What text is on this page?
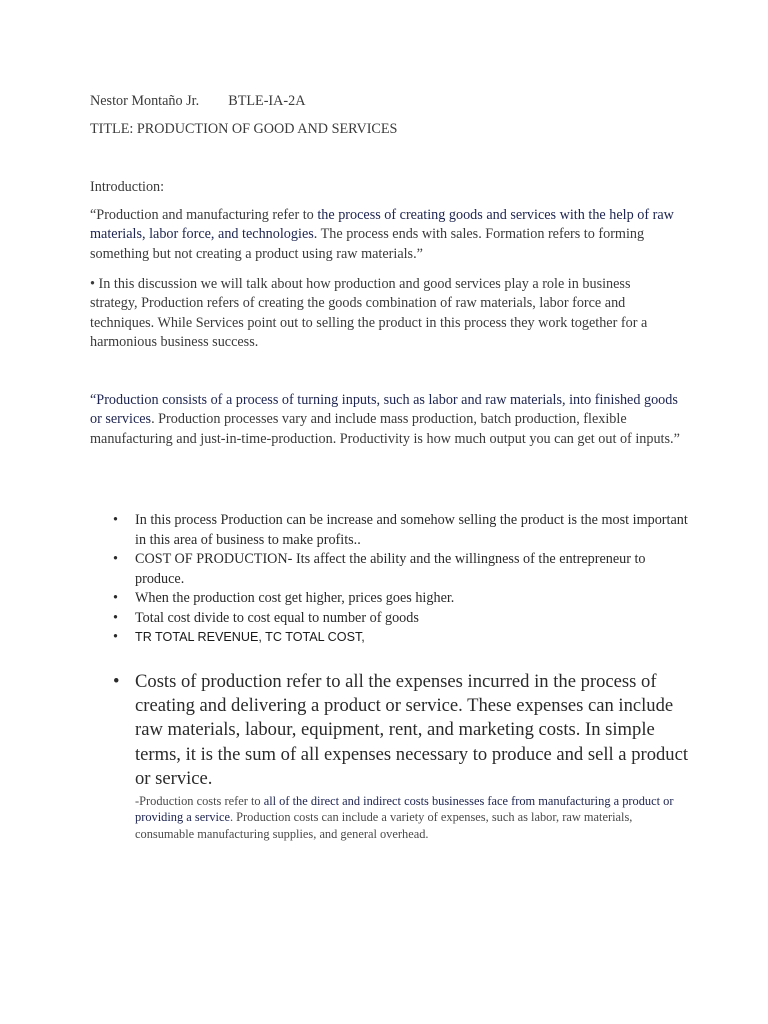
Nestor Montaño Jr. BTLE-IA-2A
TITLE: PRODUCTION OF GOOD AND SERVICES
Introduction:

“Production and manufacturing refer to the process of creating goods and services with the help of raw materials, labor force, and technologies. The process ends with sales. Formation refers to forming something but not creating a product using raw materials.”

• In this discussion we will talk about how production and good services play a role in business strategy, Production refers of creating the goods combination of raw materials, labor force and techniques. While Services point out to selling the product in this process they work together for a harmonious business success.

“Production consists of a process of turning inputs, such as labor and raw materials, into finished goods or services. Production processes vary and include mass production, batch production, flexible manufacturing and just-in-time-production. Productivity is how much output you can get out of inputs.”

• In this process Production can be increase and somehow selling the product is the most important in this area of business to make profits..
• COST OF PRODUCTION- Its affect the ability and the willingness of the entrepreneur to produce.
• When the production cost get higher, prices goes higher.
• Total cost divide to cost equal to number of goods
• TR TOTAL REVENUE, TC TOTAL COST,
• Costs of production refer to all the expenses incurred in the process of creating and delivering a product or service. These expenses can include raw materials, labour, equipment, rent, and marketing costs. In simple terms, it is the sum of all expenses necessary to produce and sell a product or service.
-Production costs refer to all of the direct and indirect costs businesses face from manufacturing a product or providing a service. Production costs can include a variety of expenses, such as labor, raw materials, consumable manufacturing supplies, and general overhead.
